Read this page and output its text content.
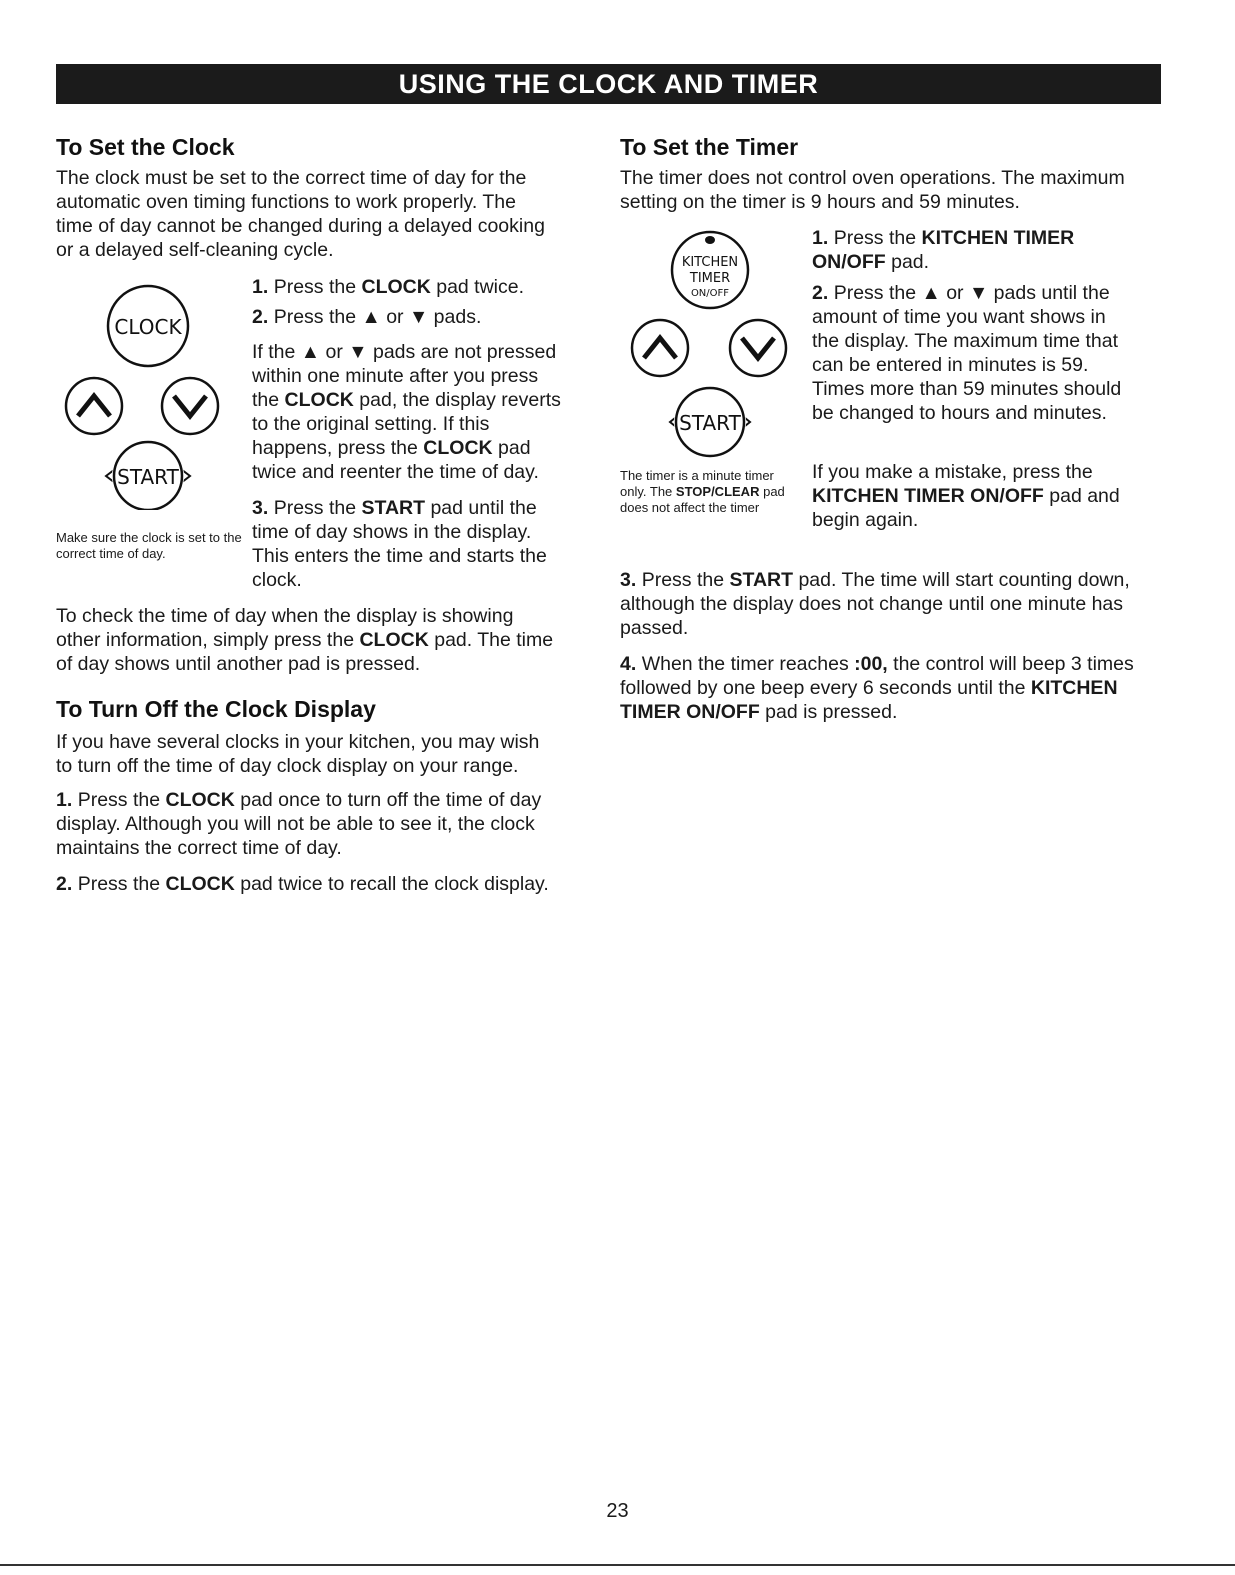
USING THE CLOCK AND TIMER
To Set the Clock

The clock must be set to the correct time of day for the automatic oven timing functions to work properly. The time of day cannot be changed during a delayed cooking or a delayed self-cleaning cycle.

CLOCK
START
Make sure the clock is set to the correct time of day.
1. Press the CLOCK pad twice.
2. Press the ▲ or ▼ pads.
If the ▲ or ▼ pads are not pressed within one minute after you press the CLOCK pad, the display reverts to the original setting. If this happens, press the CLOCK pad twice and reenter the time of day.
3. Press the START pad until the time of day shows in the display. This enters the time and starts the clock.
To check the time of day when the display is showing other information, simply press the CLOCK pad. The time of day shows until another pad is pressed.
To Turn Off the Clock Display

If you have several clocks in your kitchen, you may wish to turn off the time of day clock display on your range.

1. Press the CLOCK pad once to turn off the time of day display. Although you will not be able to see it, the clock maintains the correct time of day.
2. Press the CLOCK pad twice to recall the clock display.
To Set the Timer

The timer does not control oven operations. The maximum setting on the timer is 9 hours and 59 minutes.

KITCHEN
TIMER
ON/OFF
START
The timer is a minute timer only. The STOP/CLEAR pad does not affect the timer
1. Press the KITCHEN TIMER ON/OFF pad.
2. Press the ▲ or ▼ pads until the amount of time you want shows in the display. The maximum time that can be entered in minutes is 59. Times more than 59 minutes should be changed to hours and minutes.
If you make a mistake, press the KITCHEN TIMER ON/OFF pad and begin again.
3. Press the START pad. The time will start counting down, although the display does not change until one minute has passed.
4. When the timer reaches :00, the control will beep 3 times followed by one beep every 6 seconds until the KITCHEN TIMER ON/OFF pad is pressed.
23
